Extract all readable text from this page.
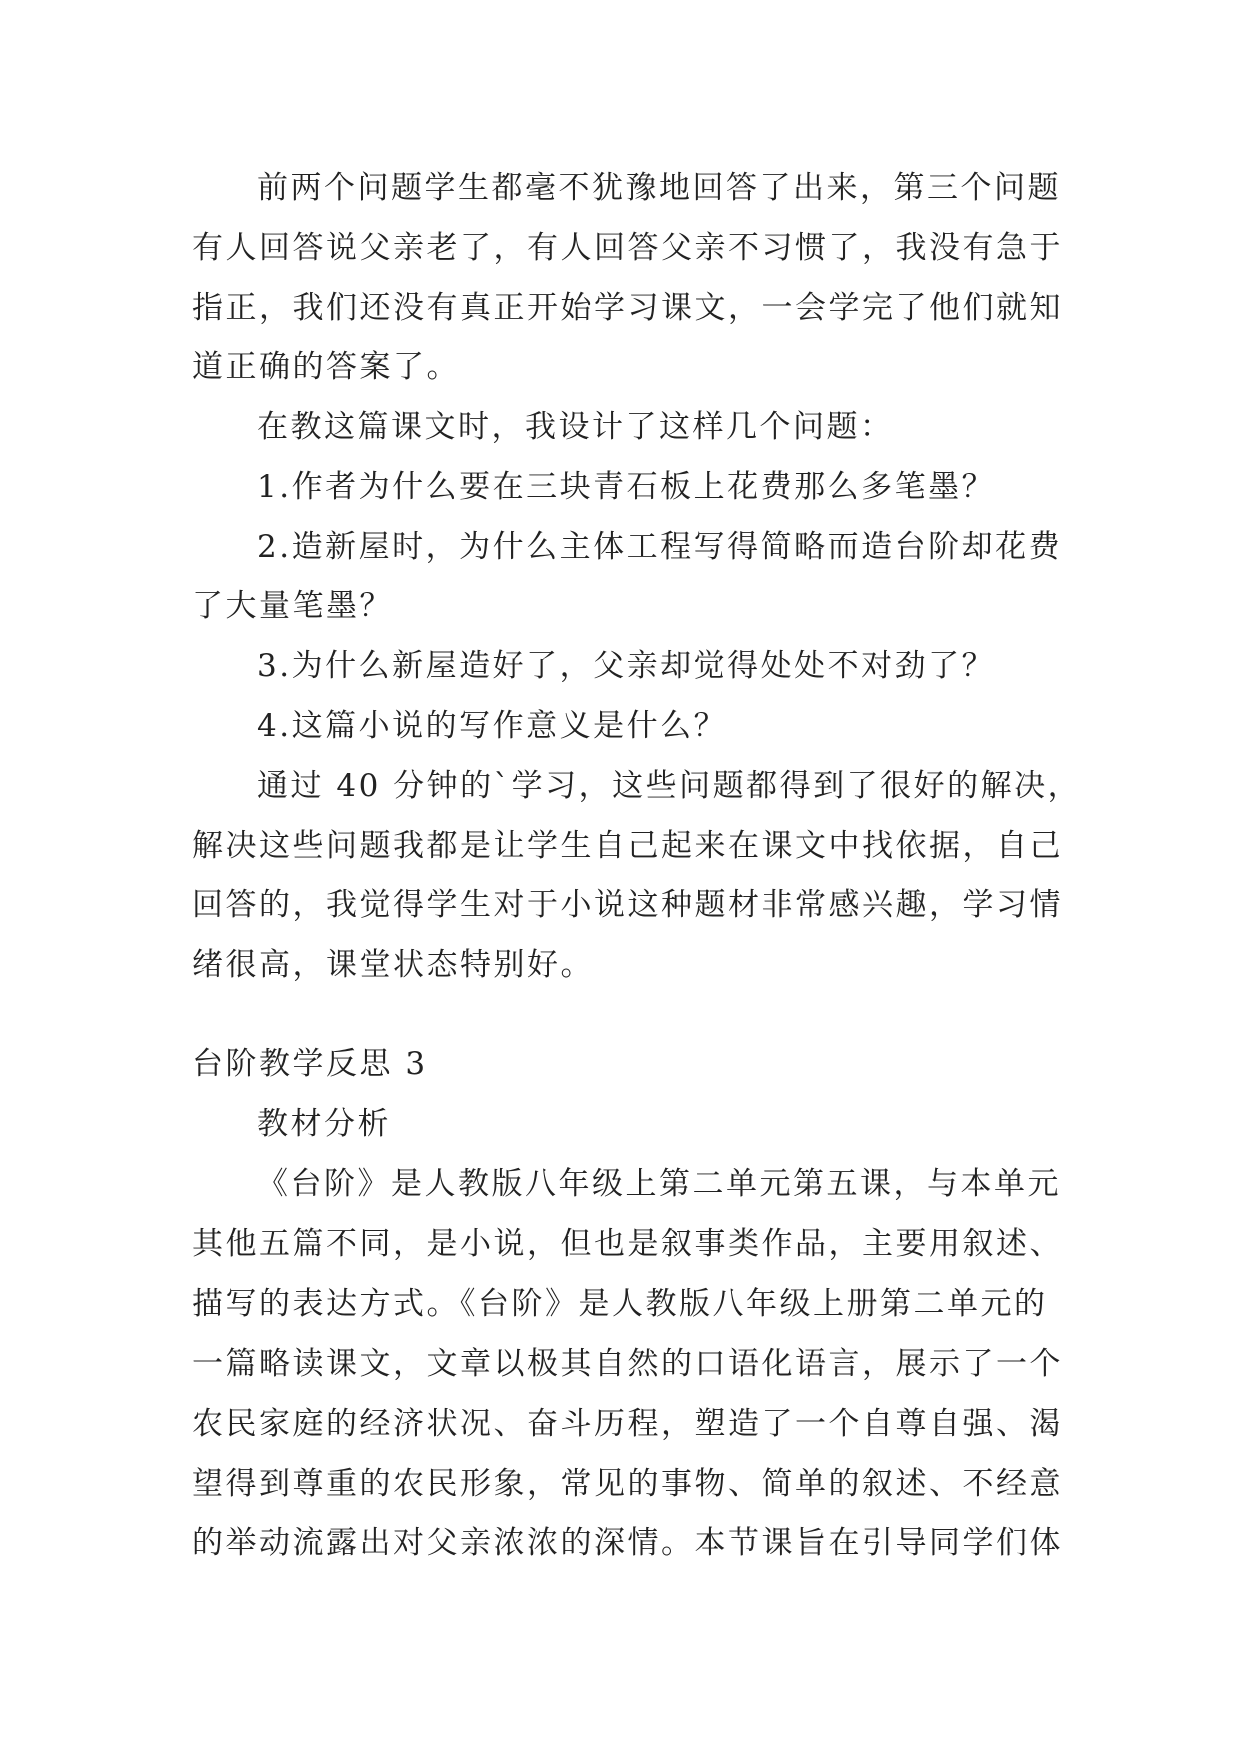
前两个问题学生都毫不犹豫地回答了出来，第三个问题

有人回答说父亲老了，有人回答父亲不习惯了，我没有急于

指正，我们还没有真正开始学习课文，一会学完了他们就知

道正确的答案了。

在教这篇课文时，我设计了这样几个问题：

1.作者为什么要在三块青石板上花费那么多笔墨？

2.造新屋时，为什么主体工程写得简略而造台阶却花费

了大量笔墨？

3.为什么新屋造好了，父亲却觉得处处不对劲了？

4.这篇小说的写作意义是什么？

通过 40 分钟的`学习，这些问题都得到了很好的解决，

解决这些问题我都是让学生自己起来在课文中找依据，自己

回答的，我觉得学生对于小说这种题材非常感兴趣，学习情

绪很高，课堂状态特别好。

台阶教学反思 3

教材分析

《台阶》是人教版八年级上第二单元第五课，与本单元

其他五篇不同，是小说，但也是叙事类作品，主要用叙述、

描写的表达方式。《台阶》是人教版八年级上册第二单元的

一篇略读课文，文章以极其自然的口语化语言，展示了一个

农民家庭的经济状况、奋斗历程，塑造了一个自尊自强、渴

望得到尊重的农民形象，常见的事物、简单的叙述、不经意

的举动流露出对父亲浓浓的深情。本节课旨在引导同学们体
